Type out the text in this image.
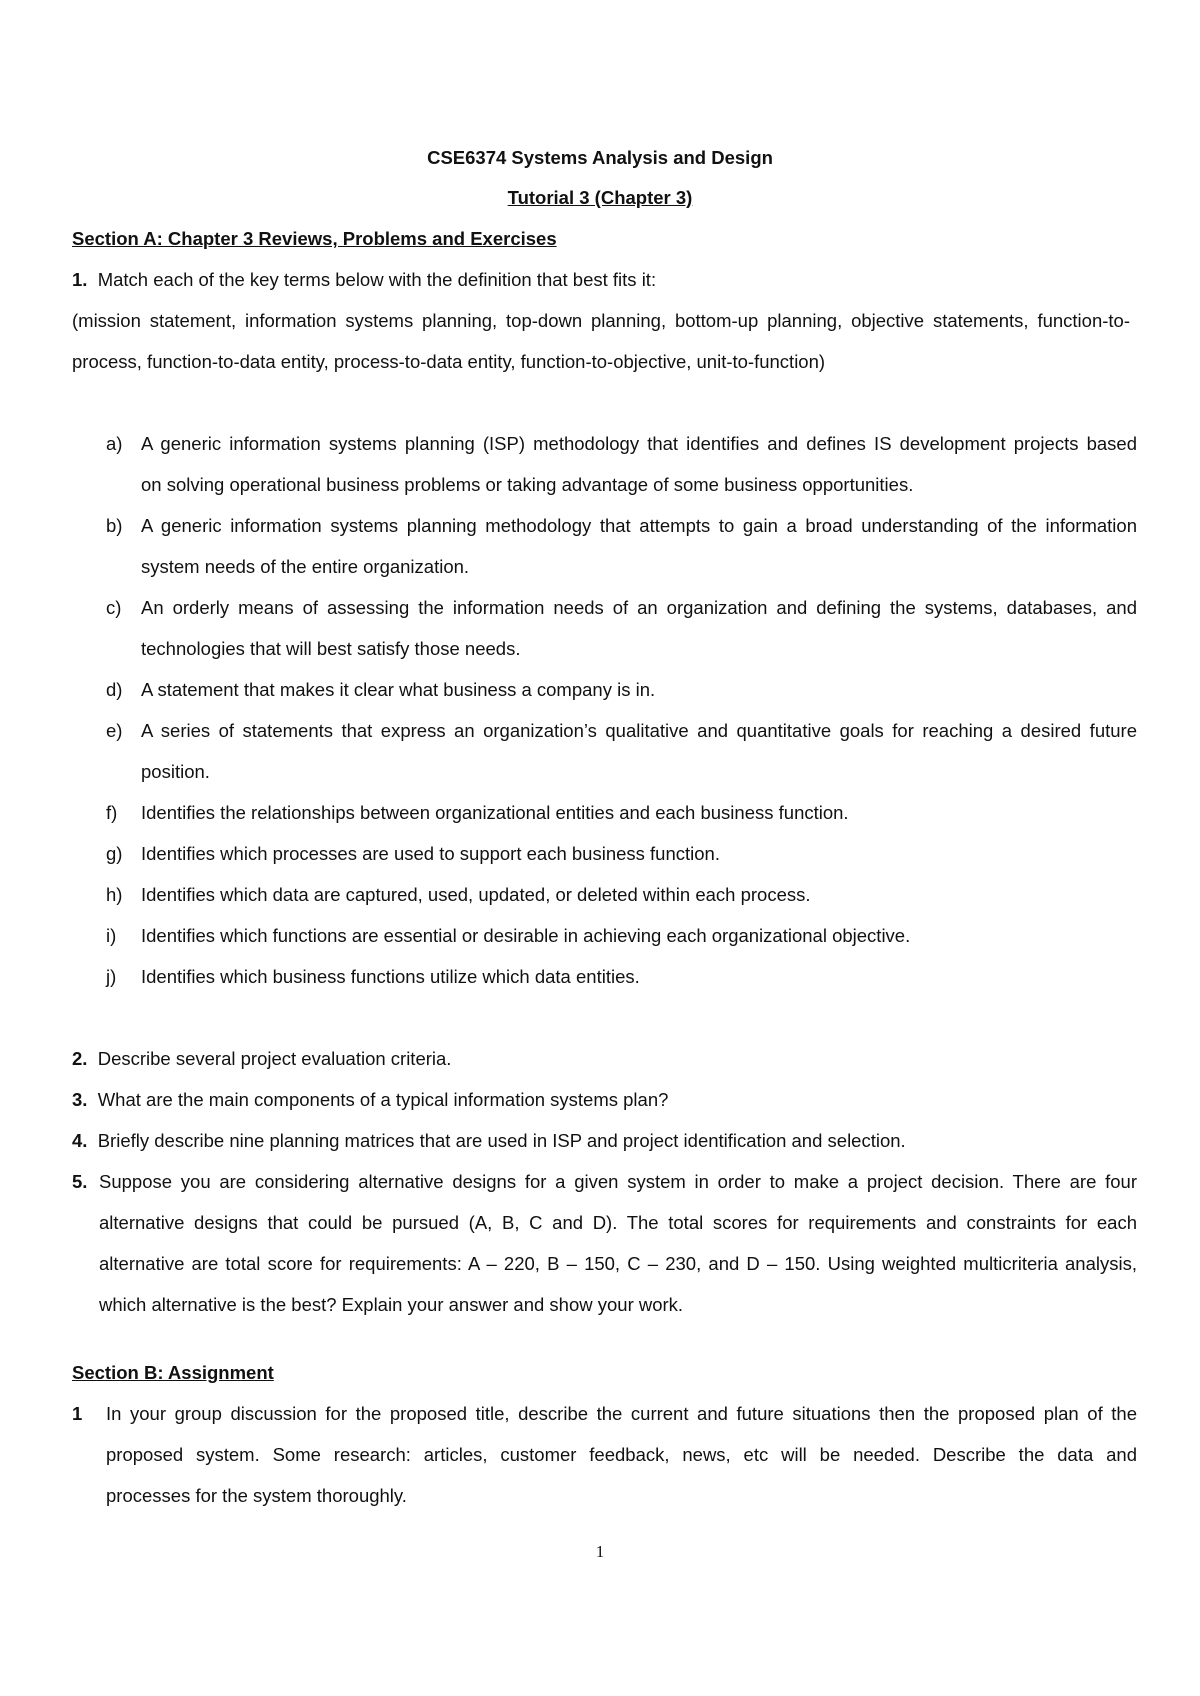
CSE6374 Systems Analysis and Design
Tutorial 3 (Chapter 3)
Section A: Chapter 3 Reviews, Problems and Exercises
1. Match each of the key terms below with the definition that best fits it:
(mission statement, information systems planning, top-down planning, bottom-up planning, objective statements, function-to-
process, function-to-data entity, process-to-data entity, function-to-objective, unit-to-function)
a) A generic information systems planning (ISP) methodology that identifies and defines IS development projects based
on solving operational business problems or taking advantage of some business opportunities.
b) A generic information systems planning methodology that attempts to gain a broad understanding of the information
system needs of the entire organization.
c) An orderly means of assessing the information needs of an organization and defining the systems, databases, and
technologies that will best satisfy those needs.
d) A statement that makes it clear what business a company is in.
e) A series of statements that express an organization’s qualitative and quantitative goals for reaching a desired future
position.
f) Identifies the relationships between organizational entities and each business function.
g) Identifies which processes are used to support each business function.
h) Identifies which data are captured, used, updated, or deleted within each process.
i) Identifies which functions are essential or desirable in achieving each organizational objective.
j) Identifies which business functions utilize which data entities.
2. Describe several project evaluation criteria.
3. What are the main components of a typical information systems plan?
4. Briefly describe nine planning matrices that are used in ISP and project identification and selection.
5. Suppose you are considering alternative designs for a given system in order to make a project decision. There are four
alternative designs that could be pursued (A, B, C and D). The total scores for requirements and constraints for each
alternative are total score for requirements: A – 220, B – 150, C – 230, and D – 150. Using weighted multicriteria analysis,
which alternative is the best? Explain your answer and show your work.
Section B: Assignment
1 In your group discussion for the proposed title, describe the current and future situations then the proposed plan of the
proposed system. Some research: articles, customer feedback, news, etc will be needed. Describe the data and
processes for the system thoroughly.
1
